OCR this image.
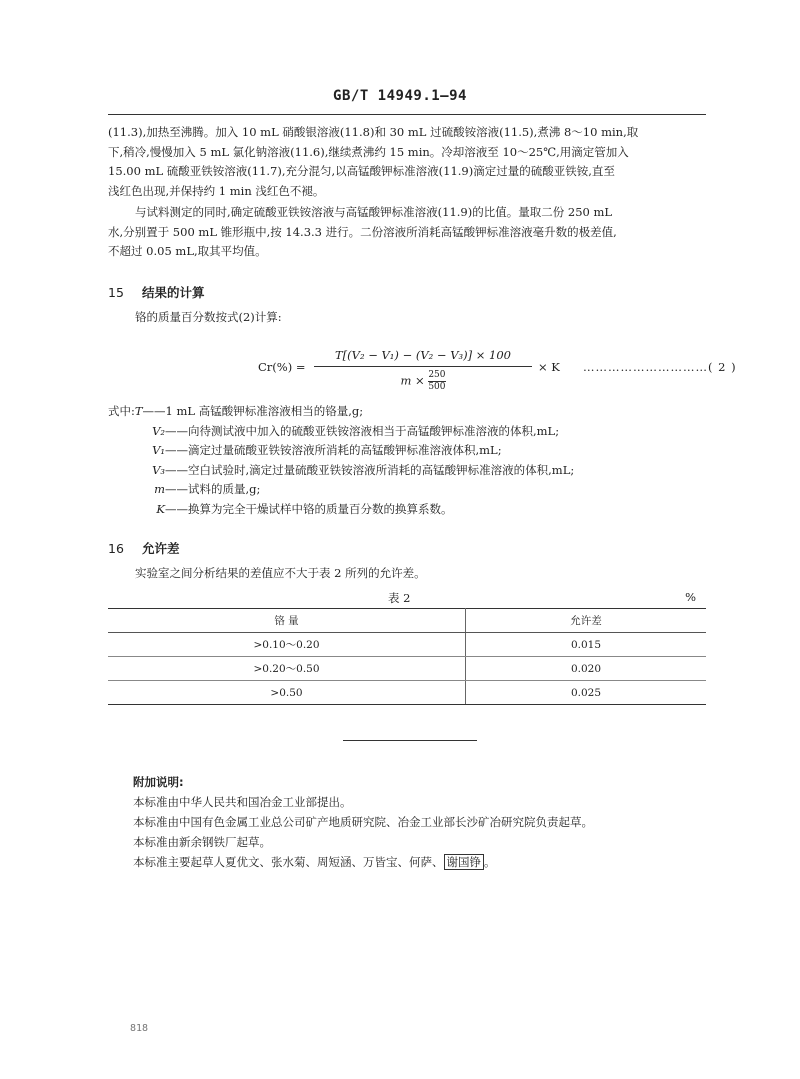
GB/T 14949.1—94
(11.3),加热至沸腾。加入 10 mL 硝酸银溶液(11.8)和 30 mL 过硫酸铵溶液(11.5),煮沸 8～10 min,取
下,稍冷,慢慢加入 5 mL 氯化钠溶液(11.6),继续煮沸约 15 min。冷却溶液至 10～25℃,用滴定管加入
15.00 mL 硫酸亚铁铵溶液(11.7),充分混匀,以高锰酸钾标准溶液(11.9)滴定过量的硫酸亚铁铵,直至
浅红色出现,并保持约 1 min 浅红色不褪。
与试料测定的同时,确定硫酸亚铁铵溶液与高锰酸钾标准溶液(11.9)的比值。量取二份 250 mL
水,分别置于 500 mL 锥形瓶中,按 14.3.3 进行。二份溶液所消耗高锰酸钾标准溶液毫升数的极差值,
不超过 0.05 mL,取其平均值。
15 结果的计算
铬的质量百分数按式(2)计算:
Cr(%) =
T[(V₂ − V₁) − (V₂ − V₃)] × 100
$m \times \frac{250}{500}$
× K …………………………( 2 )
式中:T——1 mL 高锰酸钾标准溶液相当的铬量,g;
V₂——向待测试液中加入的硫酸亚铁铵溶液相当于高锰酸钾标准溶液的体积,mL;
V₁——滴定过量硫酸亚铁铵溶液所消耗的高锰酸钾标准溶液体积,mL;
V₃——空白试验时,滴定过量硫酸亚铁铵溶液所消耗的高锰酸钾标准溶液的体积,mL;
m——试料的质量,g;
K——换算为完全干燥试样中铬的质量百分数的换算系数。
16 允许差
实验室之间分析结果的差值应不大于表 2 所列的允许差。
表 2	%
铬 量	允许差
>0.10～0.20	0.015
>0.20～0.50	0.020
>0.50	0.025
附加说明:
本标准由中华人民共和国冶金工业部提出。
本标准由中国有色金属工业总公司矿产地质研究院、冶金工业部长沙矿冶研究院负责起草。
本标准由新余钢铁厂起草。
本标准主要起草人夏优文、张水菊、周短涵、万皆宝、何萨、 谢国铮 。
818
